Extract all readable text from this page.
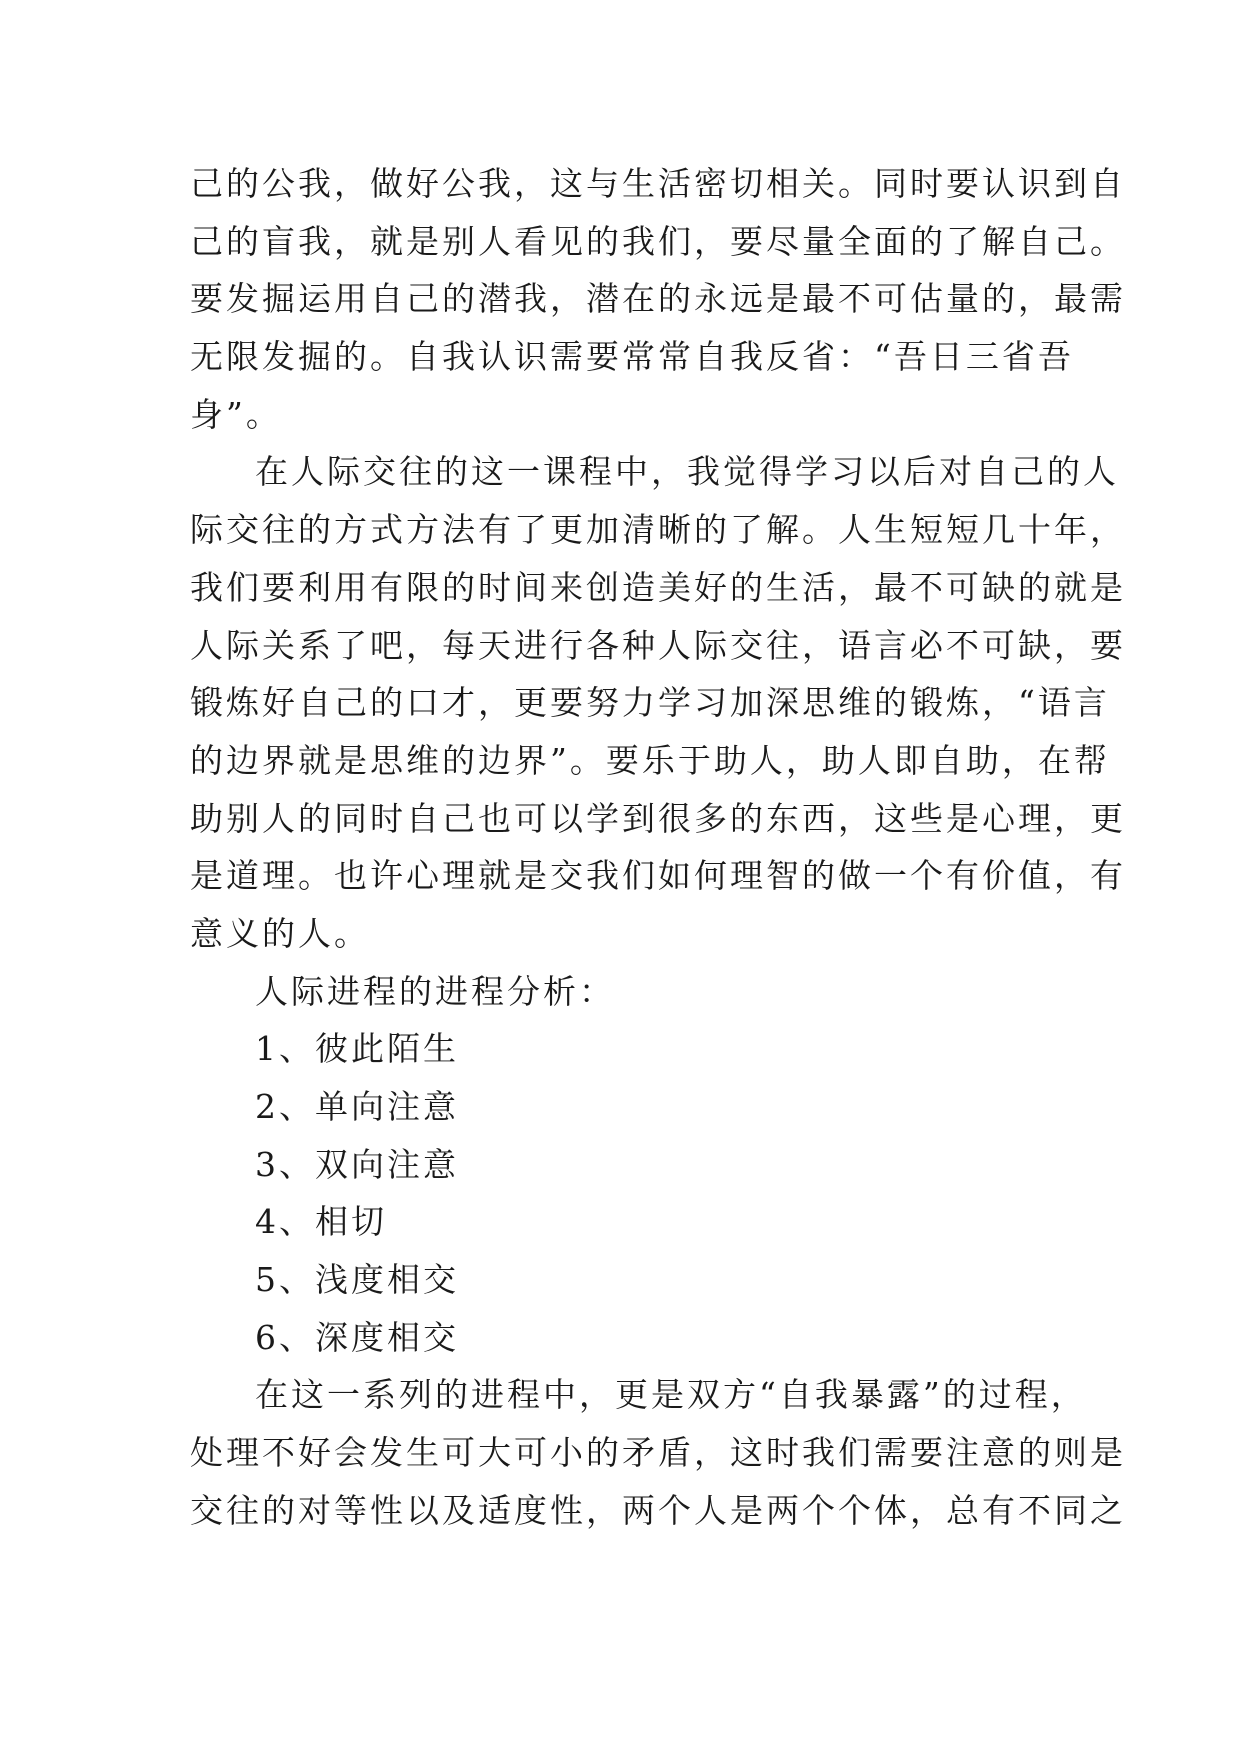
己的公我，做好公我，这与生活密切相关。同时要认识到自
己的盲我，就是别人看见的我们，要尽量全面的了解自己。
要发掘运用自己的潜我，潜在的永远是最不可估量的，最需
无限发掘的。自我认识需要常常自我反省：“吾日三省吾
身”。
在人际交往的这一课程中，我觉得学习以后对自己的人
际交往的方式方法有了更加清晰的了解。人生短短几十年，
我们要利用有限的时间来创造美好的生活，最不可缺的就是
人际关系了吧，每天进行各种人际交往，语言必不可缺，要
锻炼好自己的口才，更要努力学习加深思维的锻炼，“语言
的边界就是思维的边界”。要乐于助人，助人即自助，在帮
助别人的同时自己也可以学到很多的东西，这些是心理，更
是道理。也许心理就是交我们如何理智的做一个有价值，有
意义的人。
人际进程的进程分析：
1、彼此陌生
2、单向注意
3、双向注意
4、相切
5、浅度相交
6、深度相交
在这一系列的进程中，更是双方“自我暴露”的过程，
处理不好会发生可大可小的矛盾，这时我们需要注意的则是
交往的对等性以及适度性，两个人是两个个体，总有不同之
